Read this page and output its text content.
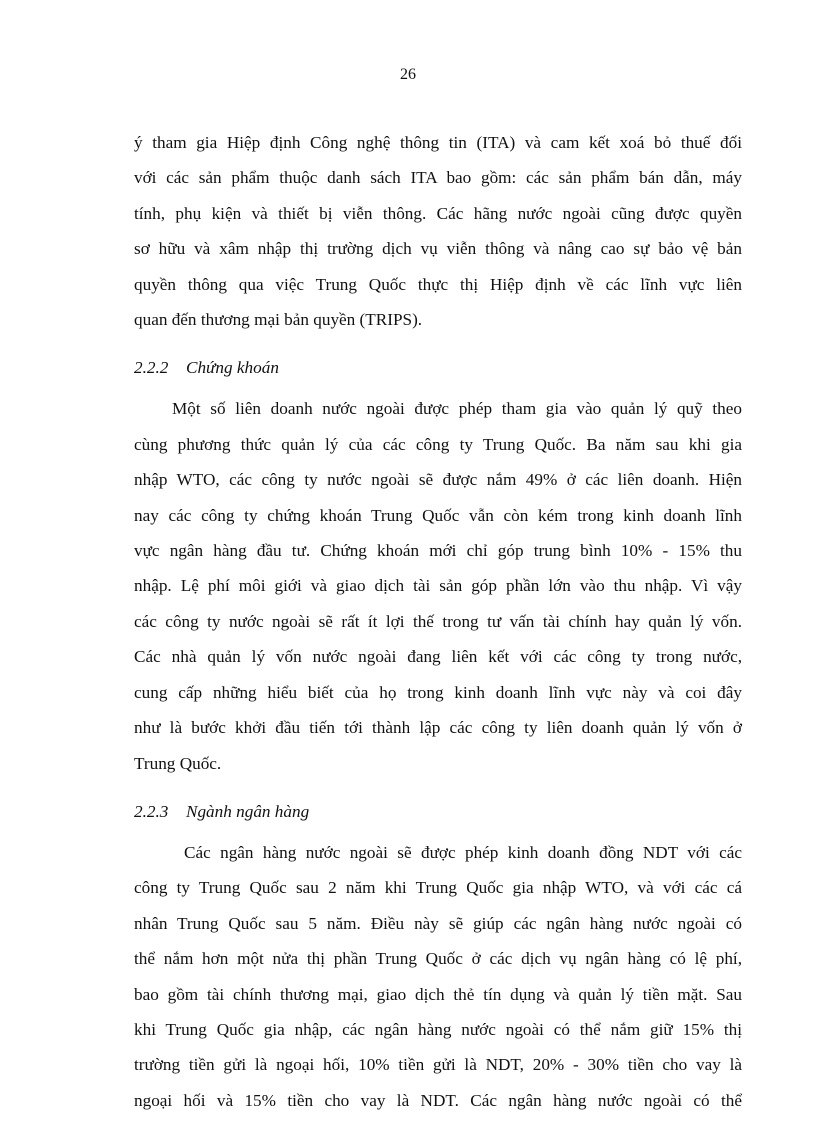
26
ý tham gia Hiệp định Công nghệ thông tin (ITA) và cam kết xoá bỏ thuế đối
với các sản phẩm thuộc danh sách ITA bao gồm: các sản phẩm bán dẫn, máy
tính, phụ kiện và thiết bị viễn thông. Các hãng nước ngoài cũng được quyền
sơ hữu và xâm nhập thị trường dịch vụ viễn thông và nâng cao sự bảo vệ bản
quyền thông qua việc Trung Quốc thực thị Hiệp định về các lĩnh vực liên
quan đến thương mại bản quyền (TRIPS).
2.2.2 Chứng khoán
Một số liên doanh nước ngoài được phép tham gia vào quản lý quỹ theo
cùng phương thức quản lý của các công ty Trung Quốc. Ba năm sau khi gia
nhập WTO, các công ty nước ngoài sẽ được nắm 49% ở các liên doanh. Hiện
nay các công ty chứng khoán Trung Quốc vẫn còn kém trong kinh doanh lĩnh
vực ngân hàng đầu tư. Chứng khoán mới chỉ góp trung bình 10% - 15% thu
nhập. Lệ phí môi giới và giao dịch tài sản góp phần lớn vào thu nhập. Vì vậy
các công ty nước ngoài sẽ rất ít lợi thế trong tư vấn tài chính hay quản lý vốn.
Các nhà quản lý vốn nước ngoài đang liên kết với các công ty trong nước,
cung cấp những hiểu biết của họ trong kinh doanh lĩnh vực này và coi đây
như là bước khởi đầu tiến tới thành lập các công ty liên doanh quản lý vốn ở
Trung Quốc.
2.2.3 Ngành ngân hàng
Các ngân hàng nước ngoài sẽ được phép kinh doanh đồng NDT với các
công ty Trung Quốc sau 2 năm khi Trung Quốc gia nhập WTO, và với các cá
nhân Trung Quốc sau 5 năm. Điều này sẽ giúp các ngân hàng nước ngoài có
thể nắm hơn một nửa thị phần Trung Quốc ở các dịch vụ ngân hàng có lệ phí,
bao gồm tài chính thương mại, giao dịch thẻ tín dụng và quản lý tiền mặt. Sau
khi Trung Quốc gia nhập, các ngân hàng nước ngoài có thể nắm giữ 15% thị
trường tiền gửi là ngoại hối, 10% tiền gửi là NDT, 20% - 30% tiền cho vay là
ngoại hối và 15% tiền cho vay là NDT. Các ngân hàng nước ngoài có thể
